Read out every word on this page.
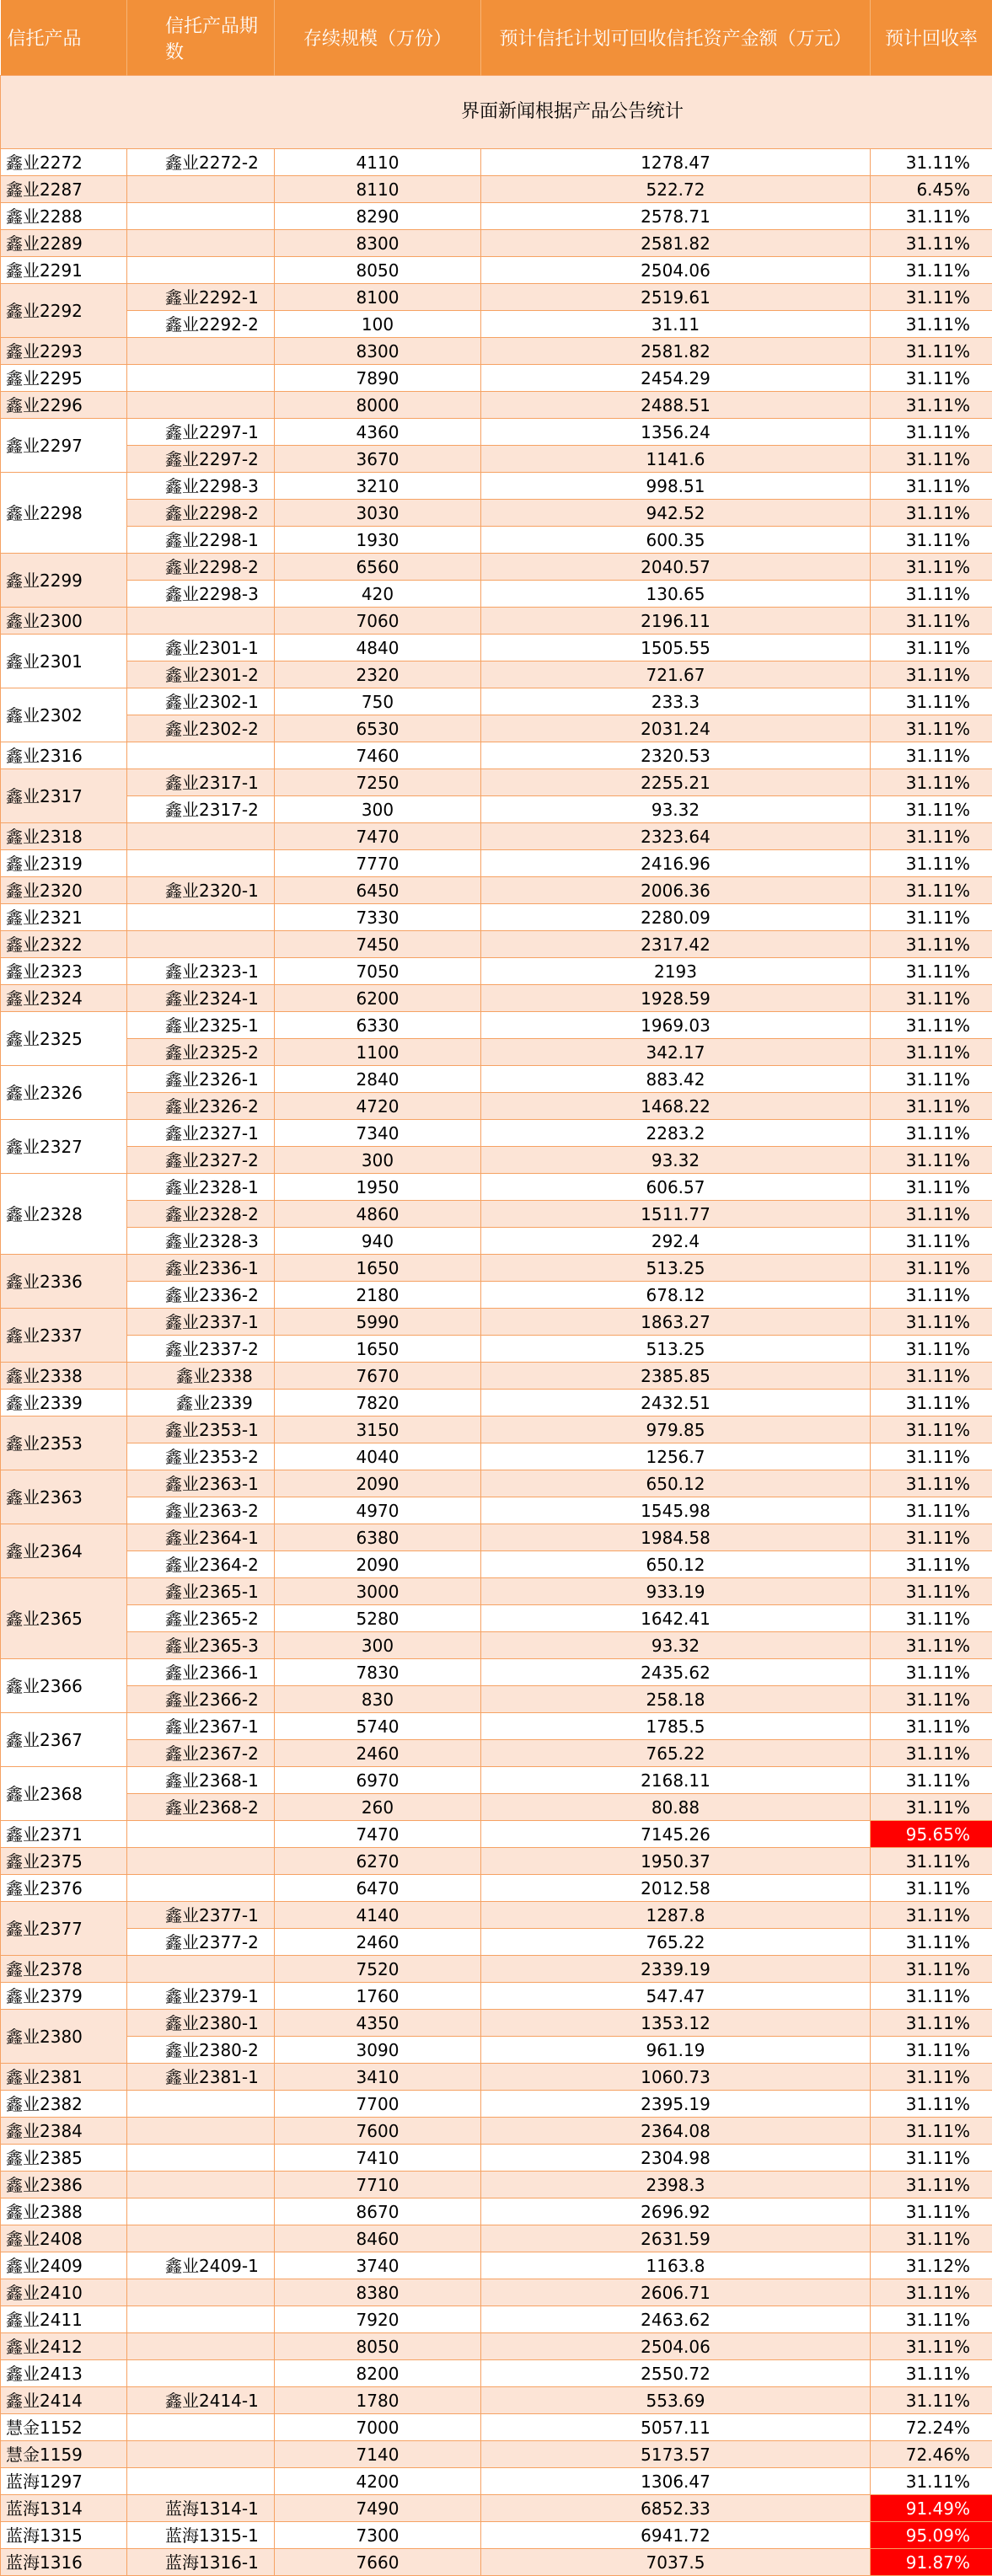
信托产品	信托产品期数	存续规模（万份）	预计信托计划可回收信托资产金额（万元）	预计回收率
		界面新闻根据产品公告统计		
鑫业2272	鑫业2272-2	4110	1278.47	31.11%
鑫业2287		8110	522.72	6.45%
鑫业2288		8290	2578.71	31.11%
鑫业2289		8300	2581.82	31.11%
鑫业2291		8050	2504.06	31.11%
鑫业2292	鑫业2292-1	8100	2519.61	31.11%
	鑫业2292-2	100	31.11	31.11%
鑫业2293		8300	2581.82	31.11%
鑫业2295		7890	2454.29	31.11%
鑫业2296		8000	2488.51	31.11%
鑫业2297	鑫业2297-1	4360	1356.24	31.11%
	鑫业2297-2	3670	1141.6	31.11%
鑫业2298	鑫业2298-3	3210	998.51	31.11%
	鑫业2298-2	3030	942.52	31.11%
	鑫业2298-1	1930	600.35	31.11%
鑫业2299	鑫业2298-2	6560	2040.57	31.11%
	鑫业2298-3	420	130.65	31.11%
鑫业2300		7060	2196.11	31.11%
鑫业2301	鑫业2301-1	4840	1505.55	31.11%
	鑫业2301-2	2320	721.67	31.11%
鑫业2302	鑫业2302-1	750	233.3	31.11%
	鑫业2302-2	6530	2031.24	31.11%
鑫业2316		7460	2320.53	31.11%
鑫业2317	鑫业2317-1	7250	2255.21	31.11%
	鑫业2317-2	300	93.32	31.11%
鑫业2318		7470	2323.64	31.11%
鑫业2319		7770	2416.96	31.11%
鑫业2320	鑫业2320-1	6450	2006.36	31.11%
鑫业2321		7330	2280.09	31.11%
鑫业2322		7450	2317.42	31.11%
鑫业2323	鑫业2323-1	7050	2193	31.11%
鑫业2324	鑫业2324-1	6200	1928.59	31.11%
鑫业2325	鑫业2325-1	6330	1969.03	31.11%
	鑫业2325-2	1100	342.17	31.11%
鑫业2326	鑫业2326-1	2840	883.42	31.11%
	鑫业2326-2	4720	1468.22	31.11%
鑫业2327	鑫业2327-1	7340	2283.2	31.11%
	鑫业2327-2	300	93.32	31.11%
鑫业2328	鑫业2328-1	1950	606.57	31.11%
	鑫业2328-2	4860	1511.77	31.11%
	鑫业2328-3	940	292.4	31.11%
鑫业2336	鑫业2336-1	1650	513.25	31.11%
	鑫业2336-2	2180	678.12	31.11%
鑫业2337	鑫业2337-1	5990	1863.27	31.11%
	鑫业2337-2	1650	513.25	31.11%
鑫业2338	鑫业2338	7670	2385.85	31.11%
鑫业2339	鑫业2339	7820	2432.51	31.11%
鑫业2353	鑫业2353-1	3150	979.85	31.11%
	鑫业2353-2	4040	1256.7	31.11%
鑫业2363	鑫业2363-1	2090	650.12	31.11%
	鑫业2363-2	4970	1545.98	31.11%
鑫业2364	鑫业2364-1	6380	1984.58	31.11%
	鑫业2364-2	2090	650.12	31.11%
鑫业2365	鑫业2365-1	3000	933.19	31.11%
	鑫业2365-2	5280	1642.41	31.11%
	鑫业2365-3	300	93.32	31.11%
鑫业2366	鑫业2366-1	7830	2435.62	31.11%
	鑫业2366-2	830	258.18	31.11%
鑫业2367	鑫业2367-1	5740	1785.5	31.11%
	鑫业2367-2	2460	765.22	31.11%
鑫业2368	鑫业2368-1	6970	2168.11	31.11%
	鑫业2368-2	260	80.88	31.11%
鑫业2371		7470	7145.26	95.65%
鑫业2375		6270	1950.37	31.11%
鑫业2376		6470	2012.58	31.11%
鑫业2377	鑫业2377-1	4140	1287.8	31.11%
	鑫业2377-2	2460	765.22	31.11%
鑫业2378		7520	2339.19	31.11%
鑫业2379	鑫业2379-1	1760	547.47	31.11%
鑫业2380	鑫业2380-1	4350	1353.12	31.11%
	鑫业2380-2	3090	961.19	31.11%
鑫业2381	鑫业2381-1	3410	1060.73	31.11%
鑫业2382		7700	2395.19	31.11%
鑫业2384		7600	2364.08	31.11%
鑫业2385		7410	2304.98	31.11%
鑫业2386		7710	2398.3	31.11%
鑫业2388		8670	2696.92	31.11%
鑫业2408		8460	2631.59	31.11%
鑫业2409	鑫业2409-1	3740	1163.8	31.12%
鑫业2410		8380	2606.71	31.11%
鑫业2411		7920	2463.62	31.11%
鑫业2412		8050	2504.06	31.11%
鑫业2413		8200	2550.72	31.11%
鑫业2414	鑫业2414-1	1780	553.69	31.11%
慧金1152		7000	5057.11	72.24%
慧金1159		7140	5173.57	72.46%
蓝海1297		4200	1306.47	31.11%
蓝海1314	蓝海1314-1	7490	6852.33	91.49%
蓝海1315	蓝海1315-1	7300	6941.72	95.09%
蓝海1316	蓝海1316-1	7660	7037.5	91.87%
